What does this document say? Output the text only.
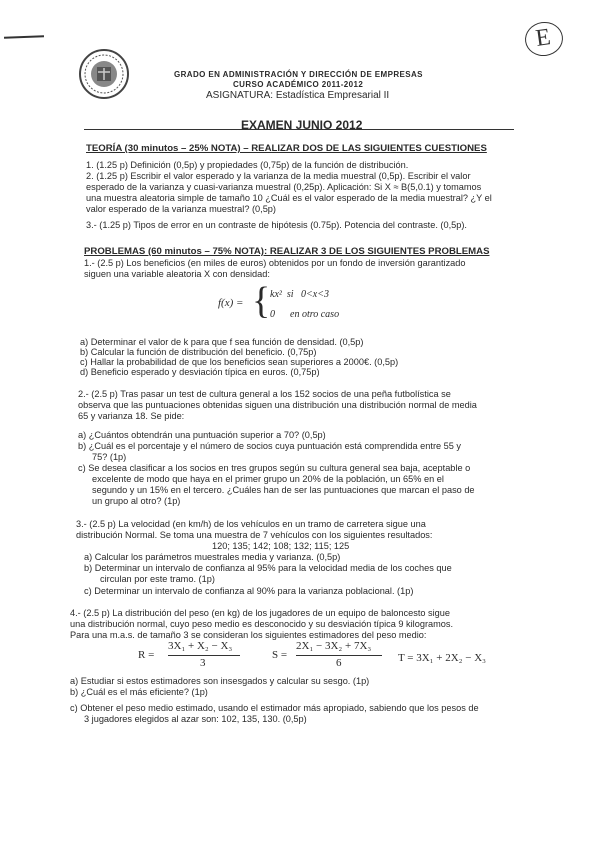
E
GRADO EN ADMINISTRACIÓN Y DIRECCIÓN DE EMPRESAS
CURSO ACADÉMICO 2011-2012
ASIGNATURA: Estadística Empresarial II
EXAMEN JUNIO 2012
TEORÍA (30 minutos – 25% NOTA) – REALIZAR DOS DE LAS SIGUIENTES CUESTIONES
1. (1.25 p) Definición (0,5p) y propiedades (0,75p) de la función de distribución.
2. (1.25 p) Escribir el valor esperado y la varianza de la media muestral (0,5p). Escribir el valor
esperado de la varianza y cuasi-varianza muestral (0,25p). Aplicación: Si X ≈ B(5,0.1) y tomamos
una muestra aleatoria simple de tamaño 10 ¿Cuál es el valor esperado de la media muestral? ¿Y el
valor esperado de la varianza muestral? (0,5p)
3.- (1.25 p) Tipos de error en un contraste de hipótesis (0.75p). Potencia del contraste. (0,5p).
PROBLEMAS (60 minutos – 75% NOTA): REALIZAR 3 DE LOS SIGUIENTES PROBLEMAS
1.- (2.5 p) Los beneficios (en miles de euros) obtenidos por un fondo de inversión garantizado
siguen una variable aleatoria X con densidad:
f(x) = { kx²  si   0<x<3
0      en otro caso
a) Determinar el valor de k para que f sea función de densidad. (0,5p)
b) Calcular la función de distribución del beneficio. (0,75p)
c) Hallar la probabilidad de que los beneficios sean superiores a 2000€. (0,5p)
d) Beneficio esperado y desviación típica en euros. (0,75p)
2.- (2.5 p) Tras pasar un test de cultura general a los 152 socios de una peña futbolística se
observa que las puntuaciones obtenidas siguen una distribución una distribución normal de media
65 y varianza 18. Se pide:
a) ¿Cuántos obtendrán una puntuación superior a 70? (0,5p)
b) ¿Cuál es el porcentaje y el número de socios cuya puntuación está comprendida entre 55 y
75? (1p)
c) Se desea clasificar a los socios en tres grupos según su cultura general sea baja, aceptable o
excelente de modo que haya en el primer grupo un 20% de la población, un 65% en el
segundo y un 15% en el tercero. ¿Cuáles han de ser las puntuaciones que marcan el paso de
un grupo al otro? (1p)
3.- (2.5 p) La velocidad (en km/h) de los vehículos en un tramo de carretera sigue una
distribución Normal. Se toma una muestra de 7 vehículos con los siguientes resultados:
120; 135; 142; 108; 132; 115; 125
a) Calcular los parámetros muestrales media y varianza. (0,5p)
b) Determinar un intervalo de confianza al 95% para la velocidad media de los coches que
circulan por este tramo. (1p)
c) Determinar un intervalo de confianza al 90% para la varianza poblacional. (1p)
4.- (2.5 p) La distribución del peso (en kg) de los jugadores de un equipo de baloncesto sigue
una distribución normal, cuyo peso medio es desconocido y su desviación típica 9 kilogramos.
Para una m.a.s. de tamaño 3 se consideran los siguientes estimadores del peso medio:
R =
3X₁ + X₂ − X₃
3
S =
2X₁ − 3X₂ + 7X₃
6	T = 3X₁ + 2X₂ − X₃
a) Estudiar si estos estimadores son insesgados y calcular su sesgo. (1p)
b) ¿Cuál es el más eficiente? (1p)
c) Obtener el peso medio estimado, usando el estimador más apropiado, sabiendo que los pesos de
3 jugadores elegidos al azar son: 102, 135, 130. (0,5p)
